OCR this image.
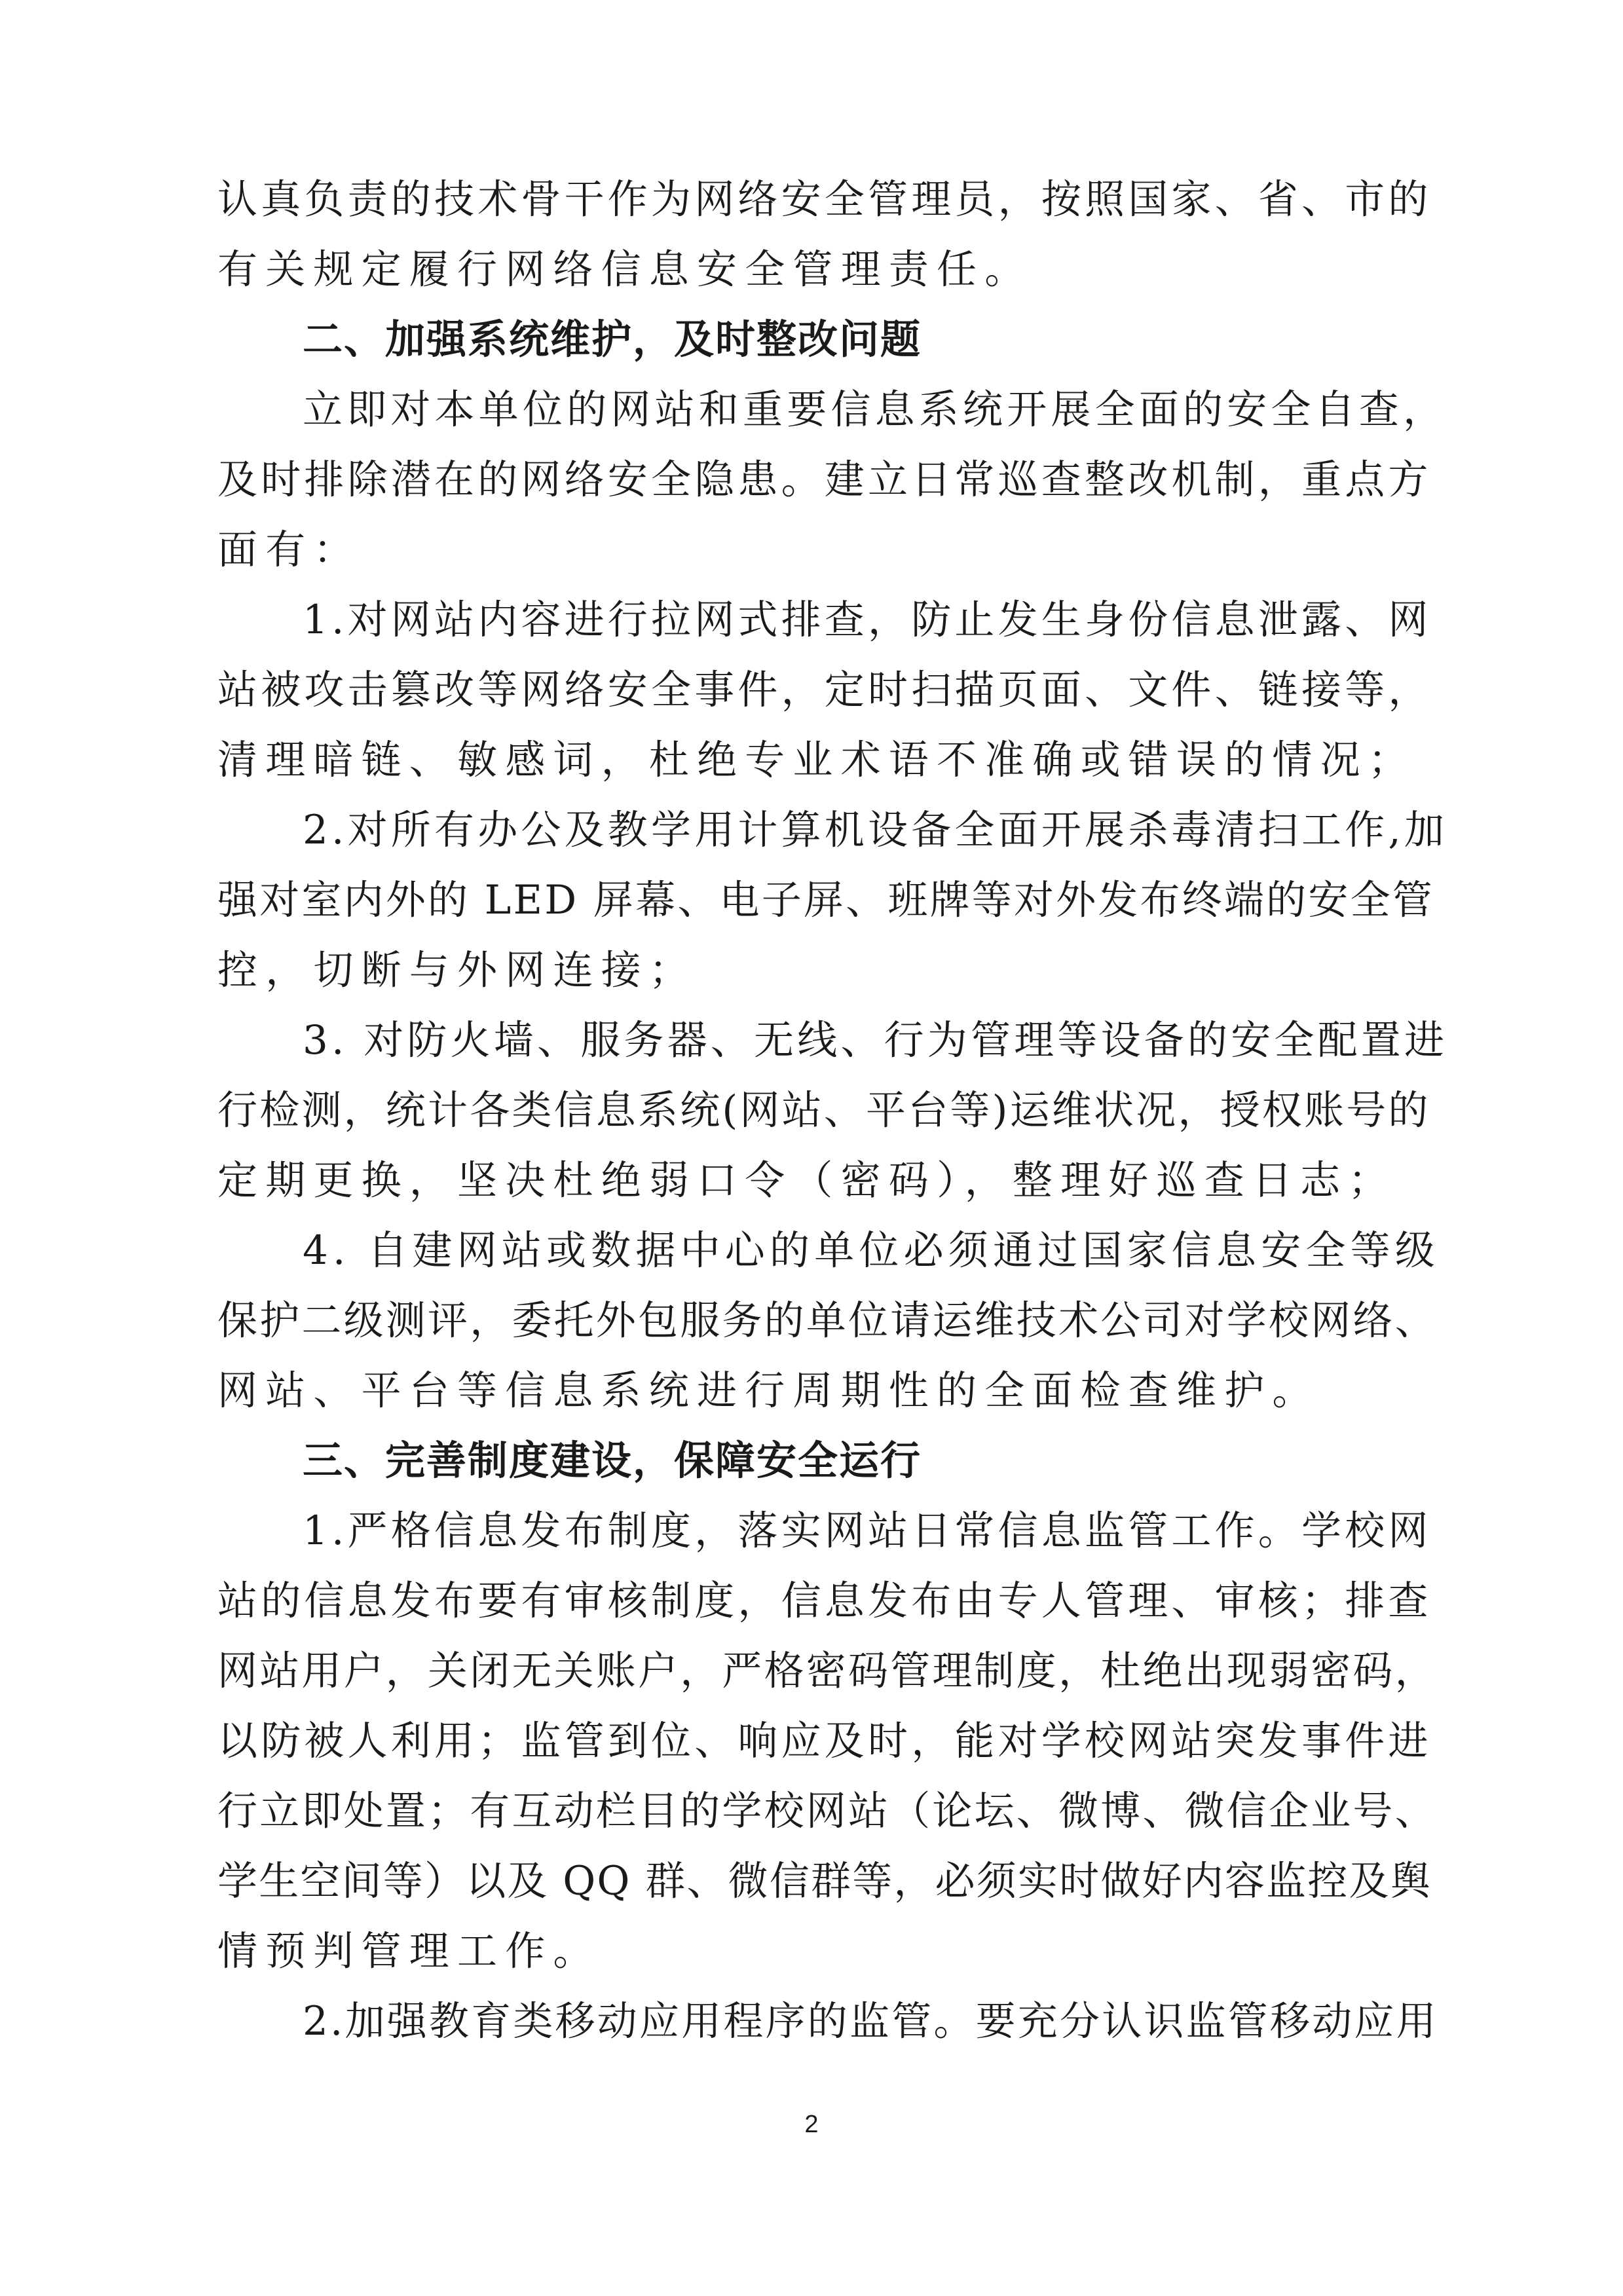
认真负责的技术骨干作为网络安全管理员，按照国家、省、市的
有关规定履行网络信息安全管理责任。
二、加强系统维护，及时整改问题
立即对本单位的网站和重要信息系统开展全面的安全自查，
及时排除潜在的网络安全隐患。建立日常巡查整改机制，重点方
面有：
1.对网站内容进行拉网式排查，防止发生身份信息泄露、网
站被攻击篡改等网络安全事件，定时扫描页面、文件、链接等，
清理暗链、敏感词，杜绝专业术语不准确或错误的情况；
2.对所有办公及教学用计算机设备全面开展杀毒清扫工作,加
强对室内外的 LED 屏幕、电子屏、班牌等对外发布终端的安全管
控，切断与外网连接；
3. 对防火墙、服务器、无线、行为管理等设备的安全配置进
行检测，统计各类信息系统(网站、平台等)运维状况，授权账号的
定期更换，坚决杜绝弱口令（密码），整理好巡查日志；
4. 自建网站或数据中心的单位必须通过国家信息安全等级
保护二级测评，委托外包服务的单位请运维技术公司对学校网络、
网站、平台等信息系统进行周期性的全面检查维护。
三、完善制度建设，保障安全运行
1.严格信息发布制度，落实网站日常信息监管工作。学校网
站的信息发布要有审核制度，信息发布由专人管理、审核；排查
网站用户，关闭无关账户，严格密码管理制度，杜绝出现弱密码，
以防被人利用；监管到位、响应及时，能对学校网站突发事件进
行立即处置；有互动栏目的学校网站（论坛、微博、微信企业号、
学生空间等）以及 QQ 群、微信群等，必须实时做好内容监控及舆
情预判管理工作。
2.加强教育类移动应用程序的监管。要充分认识监管移动应用
2
